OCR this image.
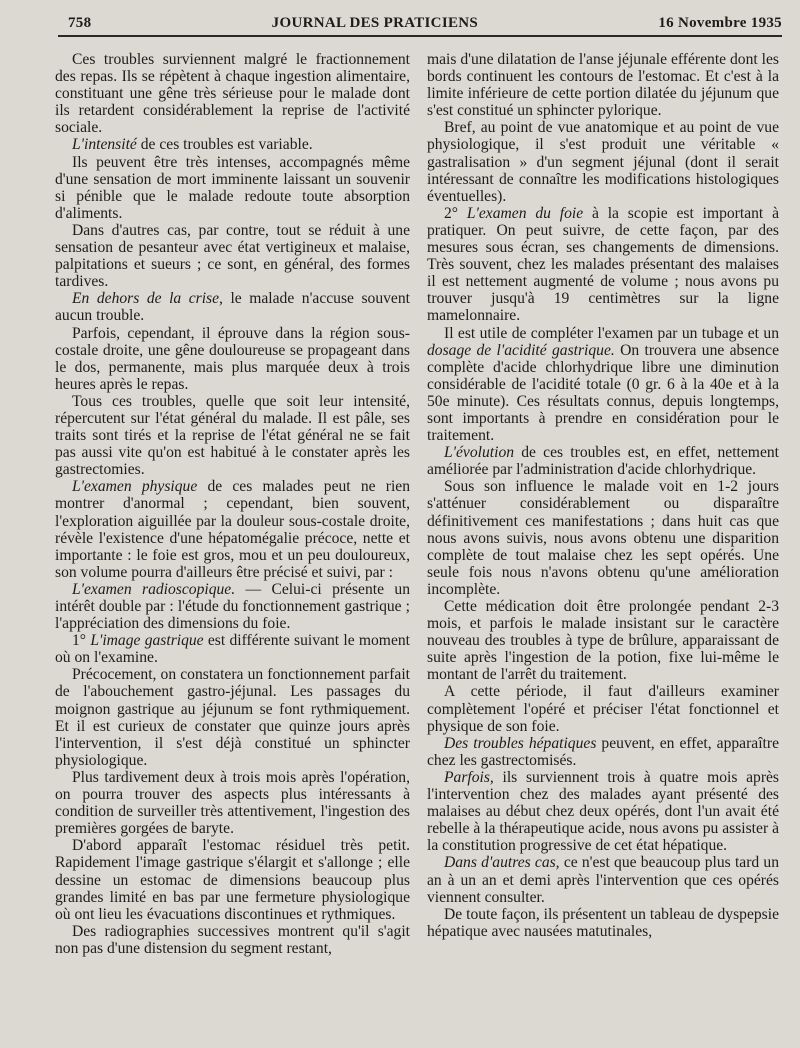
758	JOURNAL DES PRATICIENS	16 Novembre 1935

Ces troubles surviennent malgré le fractionnement des repas. Ils se répètent à chaque ingestion alimentaire, constituant une gêne très sérieuse pour le malade dont ils retardent considérablement la reprise de l'activité sociale.

L'intensité de ces troubles est variable.

Ils peuvent être très intenses, accompagnés même d'une sensation de mort imminente laissant un souvenir si pénible que le malade redoute toute absorption d'aliments.

Dans d'autres cas, par contre, tout se réduit à une sensation de pesanteur avec état vertigineux et malaise, palpitations et sueurs ; ce sont, en général, des formes tardives.

En dehors de la crise, le malade n'accuse souvent aucun trouble.

Parfois, cependant, il éprouve dans la région sous-costale droite, une gêne douloureuse se propageant dans le dos, permanente, mais plus marquée deux à trois heures après le repas.

Tous ces troubles, quelle que soit leur intensité, répercutent sur l'état général du malade. Il est pâle, ses traits sont tirés et la reprise de l'état général ne se fait pas aussi vite qu'on est habitué à le constater après les gastrectomies.

L'examen physique de ces malades peut ne rien montrer d'anormal ; cependant, bien souvent, l'exploration aiguillée par la douleur sous-costale droite, révèle l'existence d'une hépatomégalie précoce, nette et importante : le foie est gros, mou et un peu douloureux, son volume pourra d'ailleurs être précisé et suivi, par :

L'examen radioscopique. — Celui-ci présente un intérêt double par : l'étude du fonctionnement gastrique ; l'appréciation des dimensions du foie.

1° L'image gastrique est différente suivant le moment où on l'examine.

Précocement, on constatera un fonctionnement parfait de l'abouchement gastro-jéjunal. Les passages du moignon gastrique au jéjunum se font rythmiquement. Et il est curieux de constater que quinze jours après l'intervention, il s'est déjà constitué un sphincter physiologique.

Plus tardivement deux à trois mois après l'opération, on pourra trouver des aspects plus intéressants à condition de surveiller très attentivement, l'ingestion des premières gorgées de baryte.

D'abord apparaît l'estomac résiduel très petit. Rapidement l'image gastrique s'élargit et s'allonge ; elle dessine un estomac de dimensions beaucoup plus grandes limité en bas par une fermeture physiologique où ont lieu les évacuations discontinues et rythmiques.

Des radiographies successives montrent qu'il s'agit non pas d'une distension du segment restant,

mais d'une dilatation de l'anse jéjunale efférente dont les bords continuent les contours de l'estomac. Et c'est à la limite inférieure de cette portion dilatée du jéjunum que s'est constitué un sphincter pylorique.

Bref, au point de vue anatomique et au point de vue physiologique, il s'est produit une véritable « gastralisation » d'un segment jéjunal (dont il serait intéressant de connaître les modifications histologiques éventuelles).

2° L'examen du foie à la scopie est important à pratiquer. On peut suivre, de cette façon, par des mesures sous écran, ses changements de dimensions. Très souvent, chez les malades présentant des malaises il est nettement augmenté de volume ; nous avons pu trouver jusqu'à 19 centimètres sur la ligne mamelonnaire.

Il est utile de compléter l'examen par un tubage et un dosage de l'acidité gastrique. On trouvera une absence complète d'acide chlorhydrique libre une diminution considérable de l'acidité totale (0 gr. 6 à la 40e et à la 50e minute). Ces résultats connus, depuis longtemps, sont importants à prendre en considération pour le traitement.

L'évolution de ces troubles est, en effet, nettement améliorée par l'administration d'acide chlorhydrique.

Sous son influence le malade voit en 1-2 jours s'atténuer considérablement ou disparaître définitivement ces manifestations ; dans huit cas que nous avons suivis, nous avons obtenu une disparition complète de tout malaise chez les sept opérés. Une seule fois nous n'avons obtenu qu'une amélioration incomplète.

Cette médication doit être prolongée pendant 2-3 mois, et parfois le malade insistant sur le caractère nouveau des troubles à type de brûlure, apparaissant de suite après l'ingestion de la potion, fixe lui-même le montant de l'arrêt du traitement.

A cette période, il faut d'ailleurs examiner complètement l'opéré et préciser l'état fonctionnel et physique de son foie.

Des troubles hépatiques peuvent, en effet, apparaître chez les gastrectomisés.

Parfois, ils surviennent trois à quatre mois après l'intervention chez des malades ayant présenté des malaises au début chez deux opérés, dont l'un avait été rebelle à la thérapeutique acide, nous avons pu assister à la constitution progressive de cet état hépatique.

Dans d'autres cas, ce n'est que beaucoup plus tard un an à un an et demi après l'intervention que ces opérés viennent consulter.

De toute façon, ils présentent un tableau de dyspepsie hépatique avec nausées matutinales,
